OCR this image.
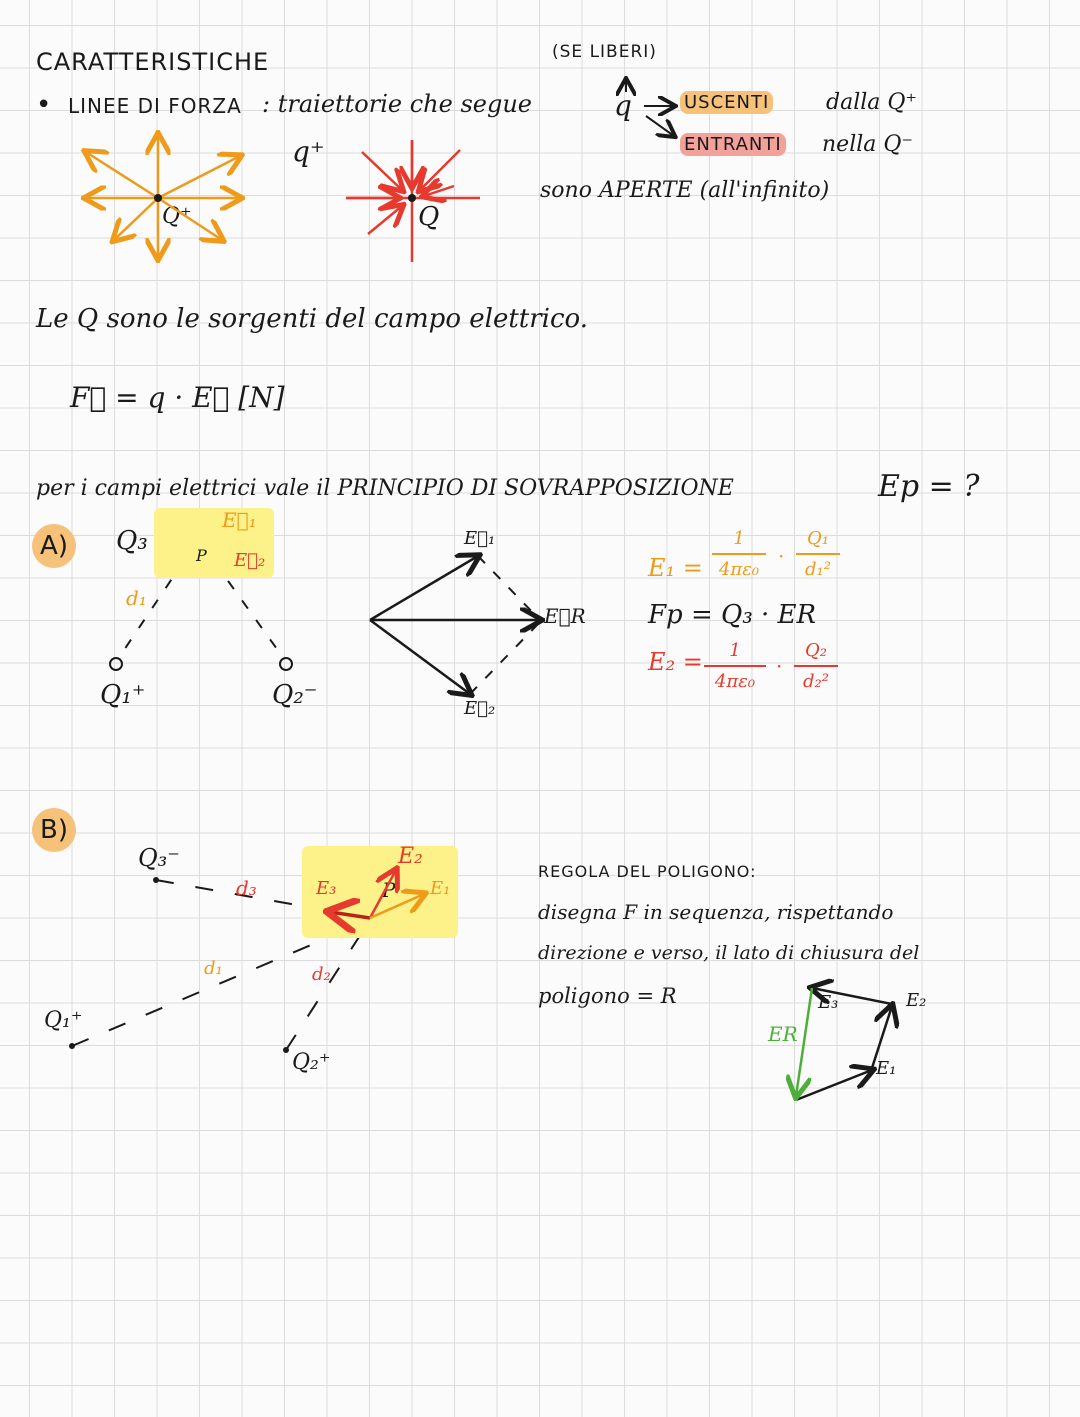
CARATTERISTICHE
• LINEE DI FORZA : traiettorie che segue	q
(SE LIBERI)
USCENTI	dalla Q⁺
ENTRANTI nella Q⁻
sono APERTE (all'infinito)
q⁺
Q⁺	Q
Le Q sono le sorgenti del campo elettrico.
F⃗ = q · E⃗ [N]
per i campi elettrici vale il PRINCIPIO DI SOVRAPPOSIZIONE	Ep = ?
A)	Q₃	P
E⃗₁
E⃗₂
d₁
Q₁⁺	Q₂⁻
E⃗₁
E⃗R
E⃗₂
E₁ =
1
4πε₀
·
Q₁
d₁²
Fp = Q₃ · ER
E₂ = 1
4πε₀
·
Q₂
d₂²
B)
Q₃⁻
d₃	E₃ P
E₂
E₁
d₁	d₂
Q₁⁺
Q₂⁺
REGOLA DEL POLIGONO:
disegna F in sequenza, rispettando
direzione e verso, il lato di chiusura del
poligono = R	E₃	E₂
E₁
ER
